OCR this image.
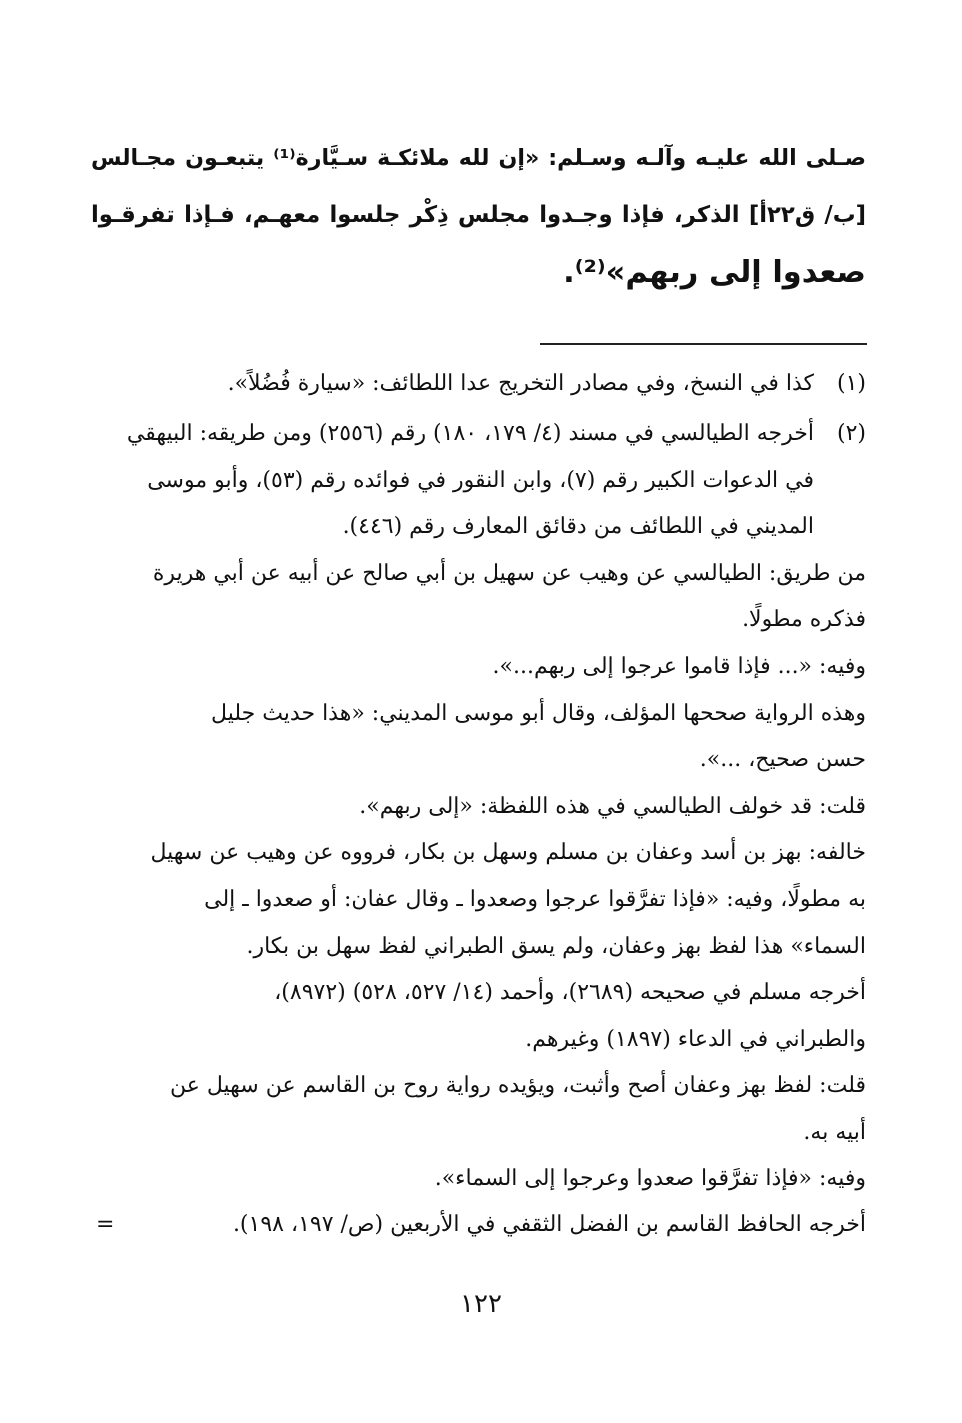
صـلى الله عليـه وآلـه وسـلم: «إن لله ملائكـة سـيَّارة⁽¹⁾ يتبعـون مجـالس
[ب/ ق٢٢أ] الذكر، فإذا وجـدوا مجلس ذِكْر جلسوا معهـم، فـإذا تفرقـوا
صعدوا إلى ربهم»⁽²⁾.
(١)
(٢)
كذا في النسخ، وفي مصادر التخريج عدا اللطائف: «سيارة فُضُلاً».
أخرجه الطيالسي في مسند (٤/ ١٧٩، ١٨٠) رقم (٢٥٥٦) ومن طريقه: البيهقي
في الدعوات الكبير رقم (٧)، وابن النقور في فوائده رقم (٥٣)، وأبو موسى
المديني في اللطائف من دقائق المعارف رقم (٤٤٦).
من طريق: الطيالسي عن وهيب عن سهيل بن أبي صالح عن أبيه عن أبي هريرة
فذكره مطولًا.
وفيه: «... فإذا قاموا عرجوا إلى ربهم...».
وهذه الرواية صححها المؤلف، وقال أبو موسى المديني: «هذا حديث جليل
حسن صحيح، ...».
قلت: قد خولف الطيالسي في هذه اللفظة: «إلى ربهم».
خالفه: بهز بن أسد وعفان بن مسلم وسهل بن بكار، فرووه عن وهيب عن سهيل
به مطولًا، وفيه: «فإذا تفرَّقوا عرجوا وصعدوا ـ وقال عفان: أو صعدوا ـ إلى
السماء» هذا لفظ بهز وعفان، ولم يسق الطبراني لفظ سهل بن بكار.
أخرجه مسلم في صحيحه (٢٦٨٩)، وأحمد (١٤/ ٥٢٧، ٥٢٨) (٨٩٧٢)،
والطبراني في الدعاء (١٨٩٧) وغيرهم.
قلت: لفظ بهز وعفان أصح وأثبت، ويؤيده رواية روح بن القاسم عن سهيل عن
أبيه به.
وفيه: «فإذا تفرَّقوا صعدوا وعرجوا إلى السماء».
أخرجه الحافظ القاسم بن الفضل الثقفي في الأربعين (ص/ ١٩٧، ١٩٨).
=
١٢٢
